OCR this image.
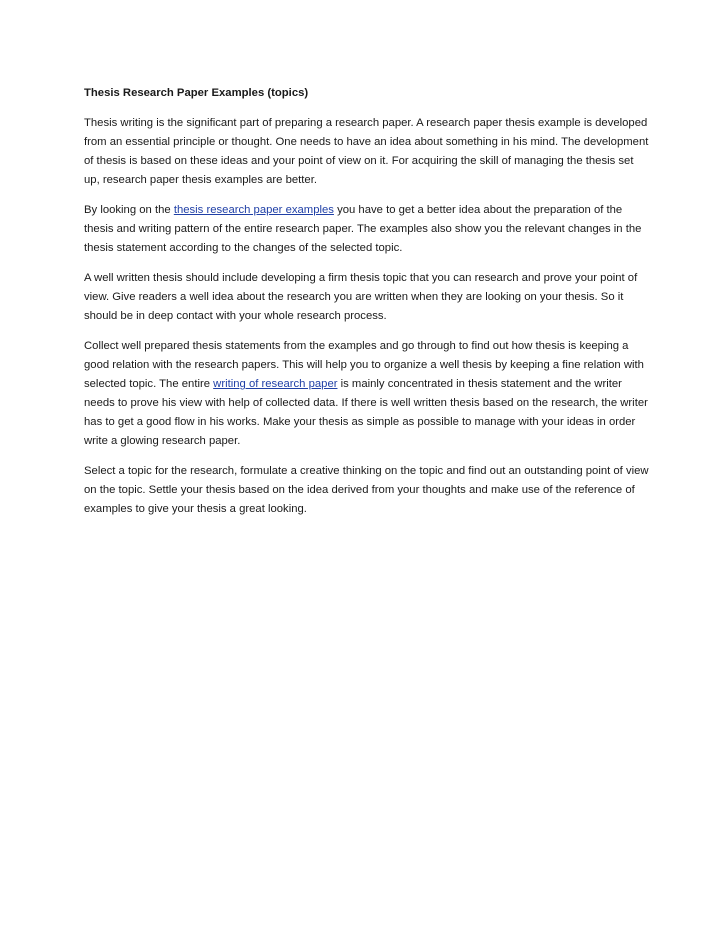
Thesis Research Paper Examples (topics)

Thesis writing is the significant part of preparing a research paper. A research paper thesis example is developed from an essential principle or thought. One needs to have an idea about something in his mind. The development of thesis is based on these ideas and your point of view on it. For acquiring the skill of managing the thesis set up, research paper thesis examples are better.

By looking on the thesis research paper examples you have to get a better idea about the preparation of the thesis and writing pattern of the entire research paper. The examples also show you the relevant changes in the thesis statement according to the changes of the selected topic.

A well written thesis should include developing a firm thesis topic that you can research and prove your point of view. Give readers a well idea about the research you are written when they are looking on your thesis. So it should be in deep contact with your whole research process.

Collect well prepared thesis statements from the examples and go through to find out how thesis is keeping a good relation with the research papers. This will help you to organize a well thesis by keeping a fine relation with selected topic. The entire writing of research paper is mainly concentrated in thesis statement and the writer needs to prove his view with help of collected data. If there is well written thesis based on the research, the writer has to get a good flow in his works. Make your thesis as simple as possible to manage with your ideas in order write a glowing research paper.

Select a topic for the research, formulate a creative thinking on the topic and find out an outstanding point of view on the topic. Settle your thesis based on the idea derived from your thoughts and make use of the reference of examples to give your thesis a great looking.
